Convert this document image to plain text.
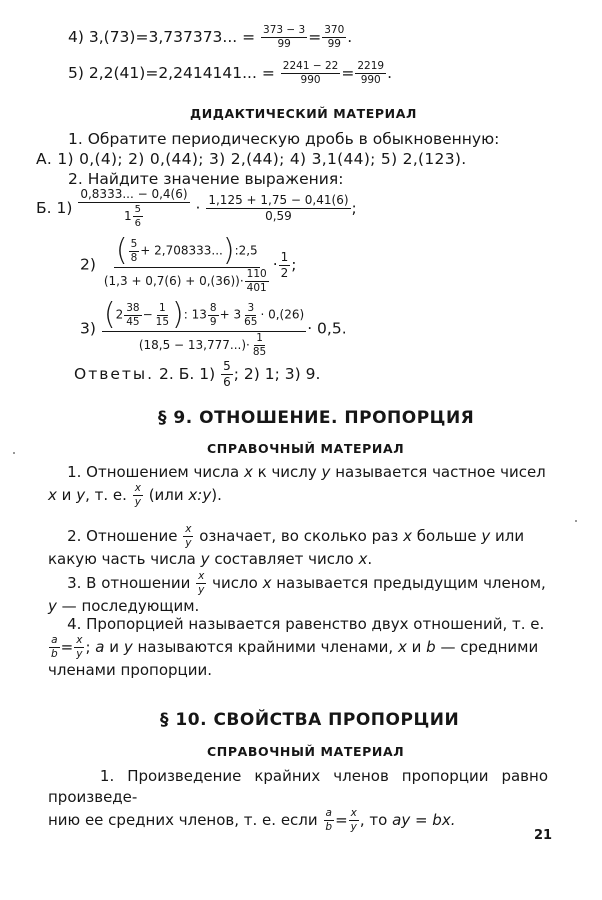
4) 3,(73)=3,737373... = $\frac{373 - 3}{99} = \frac{370}{99}$ .
5) 2,2(41)=2,2414141... = $\frac{2241 - 22}{990} = \frac{2219}{990}$ .
ДИДАКТИЧЕСКИЙ МАТЕРИАЛ
1. Обратите периодическую дробь в обыкновенную:
А. 1) 0,(4); 2) 0,(44); 3) 2,(44); 4) 3,1(44); 5) 2,(123).
2. Найдите значение выражения:
Б. $1) \frac{0,8333... - 0,4(6)}{1 \frac{5}{6}} \cdot \frac{1,125 + 1,75 - 0,41(6)}{0,59}$ ;
$2) \frac{( \frac{5}{8} + 2,708333...):2,5}{(1,3 + 0,7(6) + 0,(36))\cdot \frac{110}{401}} \cdot \frac{1}{2}$ ;
$3) \frac{(2 \frac{38}{45} - \frac{1}{15} ): 13 \frac{8}{9} + 3 \frac{3}{65} \cdot 0,(26)}{(18,5 - 13,777...)\cdot \frac{1}{85}} \cdot 0,5$.
Ответы. 2. Б. $1) \frac{5}{6}$ ; 2) 1; 3) 9.
§ 9. ОТНОШЕНИЕ. ПРОПОРЦИЯ
СПРАВОЧНЫЙ МАТЕРИАЛ
1. Отношением числа x к числу y называется частное чисел
x и y, т. е. $\frac{x}{y} (или$ x:y).
2. Отношение $\frac{x}{y}$ означает, во сколько раз x больше y или
какую часть числа y составляет число x.
3. В отношении $\frac{x}{y}$ число x называется предыдущим членом,
y — последующим.
4. Пропорцией называется равенство двух отношений, т. е.

$\frac{a}{b} = \frac{x}{y}$ ; a и y называются крайними членами, x и b — средними
членами пропорции.
§ 10. СВОЙСТВА ПРОПОРЦИИ
СПРАВОЧНЫЙ МАТЕРИАЛ
1. Произведение крайних членов пропорции равно произведе-
нию ее средних членов, т. е. если $\frac{a}{b} = \frac{x}{y}$ , то ay = bx.
21
